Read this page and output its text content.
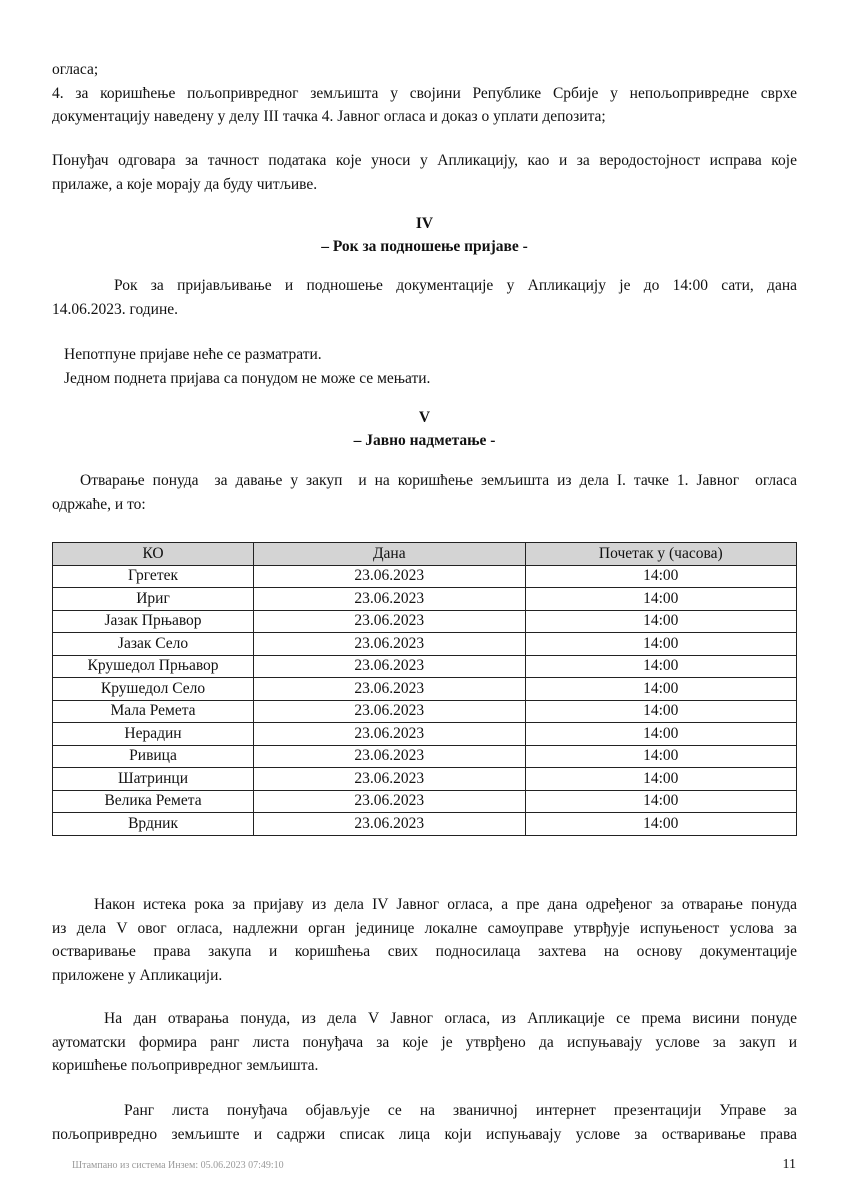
огласа;
4. за коришћење пољопривредног земљишта у својини Републике Србије у непољопривредне сврхе
документацију наведену у делу III тачка 4. Јавног огласа и доказ о уплати депозита;
Понуђач одговара за тачност података које уноси у Апликацију, као и за веродостојност исправа које
прилаже, а које морају да буду читљиве.

IV

– Рок за подношење пријаве -

Рок за пријављивање и подношење документације у Апликацију је до 14:00 сати, дана
14.06.2023. године.
Непотпуне пријаве неће се разматрати.
Једном поднета пријава са понудом не може се мењати.

V

– Јавно надметање -

Отварање понуда  за давање у закуп  и на коришћење земљишта из дела I. тачке 1. Јавног  огласа
одржаће, и то:
КО	Дана	Почетак у (часова)
Гргетек	23.06.2023	14:00
Ириг	23.06.2023	14:00
Јазак Прњавор	23.06.2023	14:00
Јазак Село	23.06.2023	14:00
Крушедол Прњавор	23.06.2023	14:00
Крушедол Село	23.06.2023	14:00
Мала Ремета	23.06.2023	14:00
Нерадин	23.06.2023	14:00
Ривица	23.06.2023	14:00
Шатринци	23.06.2023	14:00
Велика Ремета	23.06.2023	14:00
Врдник	23.06.2023	14:00
Након истека рока за пријаву из дела IV Јавног огласа, а пре дана одређеног за отварање понуда
из дела V овог огласа, надлежни орган јединице локалне самоуправе утврђује испуњеност услова за
остваривање права закупа и коришћења свих подносилаца захтева на основу документације
приложене у Апликацији.
На дан отварања понуда, из дела V Јавног огласа, из Апликације се према висини понуде
аутоматски формира ранг листа понуђача за које је утврђено да испуњавају услове за закуп и
коришћење пољопривредног земљишта.
Ранг листа понуђача објављује се на званичној интернет презентацији Управе за
пољопривредно земљиште и садржи списак лица који испуњавају услове за остваривање права
Штампано из система Инзем: 05.06.2023 07:49:10	11
